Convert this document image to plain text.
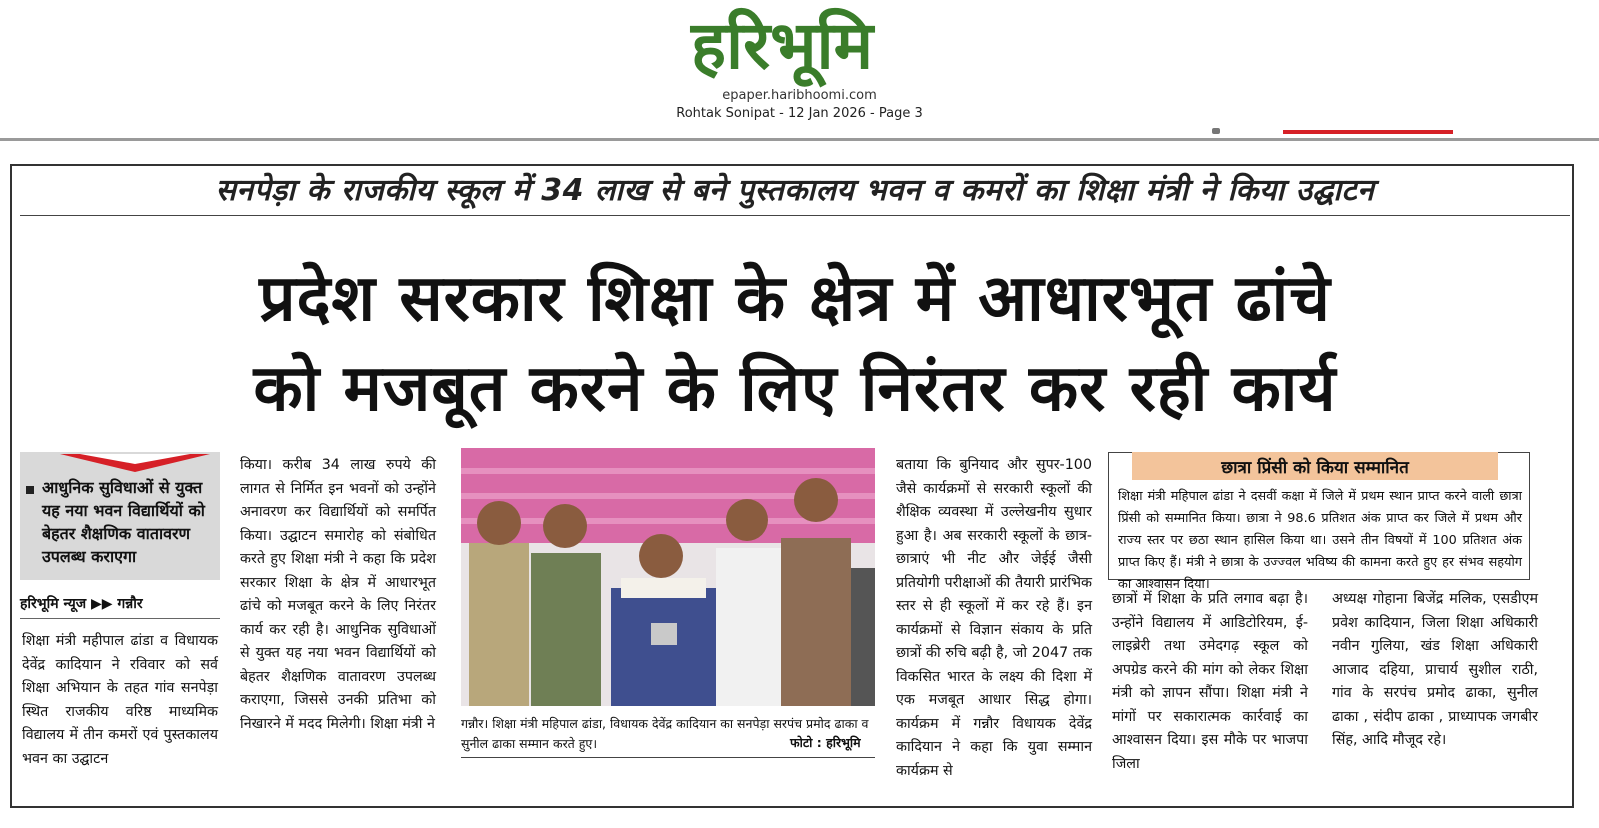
हरिभूमि
epaper.haribhoomi.com
Rohtak Sonipat - 12 Jan 2026 - Page 3
सनपेड़ा के राजकीय स्कूल में 34 लाख से बने पुस्तकालय भवन व कमरों का शिक्षा मंत्री ने किया उद्घाटन
प्रदेश सरकार शिक्षा के क्षेत्र में आधारभूत ढांचे
को मजबूत करने के लिए निरंतर कर रही कार्य
आधुनिक सुविधाओं से युक्त यह नया भवन विद्यार्थियों को बेहतर शैक्षणिक वातावरण उपलब्ध कराएगा
हरिभूमि न्यूज ▶▶ गन्नौर
शिक्षा मंत्री महीपाल ढांडा व विधायक देवेंद्र कादियान ने रविवार को सर्व शिक्षा अभियान के तहत गांव सनपेड़ा स्थित राजकीय वरिष्ठ माध्यमिक विद्यालय में तीन कमरों एवं पुस्तकालय भवन का उद्घाटन
किया। करीब 34 लाख रुपये की लागत से निर्मित इन भवनों को उन्होंने अनावरण कर विद्यार्थियों को समर्पित किया। उद्घाटन समारोह को संबोधित करते हुए शिक्षा मंत्री ने कहा कि प्रदेश सरकार शिक्षा के क्षेत्र में आधारभूत ढांचे को मजबूत करने के लिए निरंतर कार्य कर रही है। आधुनिक सुविधाओं से युक्त यह नया भवन विद्यार्थियों को बेहतर शैक्षणिक वातावरण उपलब्ध कराएगा, जिससे उनकी प्रतिभा को निखारने में मदद मिलेगी। शिक्षा मंत्री ने
बताया कि बुनियाद और सुपर-100 जैसे कार्यक्रमों से सरकारी स्कूलों की शैक्षिक व्यवस्था में उल्लेखनीय सुधार हुआ है। अब सरकारी स्कूलों के छात्र-छात्राएं भी नीट और जेईई जैसी प्रतियोगी परीक्षाओं की तैयारी प्रारंभिक स्तर से ही स्कूलों में कर रहे हैं। इन कार्यक्रमों से विज्ञान संकाय के प्रति छात्रों की रुचि बढ़ी है, जो 2047 तक विकसित भारत के लक्ष्य की दिशा में एक मजबूत आधार सिद्ध होगा। कार्यक्रम में गन्नौर विधायक देवेंद्र कादियान ने कहा कि युवा सम्मान कार्यक्रम से
छात्रों में शिक्षा के प्रति लगाव बढ़ा है। उन्होंने विद्यालय में आडिटोरियम, ई-लाइब्रेरी तथा उमेदगढ़ स्कूल को अपग्रेड करने की मांग को लेकर शिक्षा मंत्री को ज्ञापन सौंपा। शिक्षा मंत्री ने मांगों पर सकारात्मक कार्रवाई का आश्वासन दिया। इस मौके पर भाजपा जिला
अध्यक्ष गोहाना बिजेंद्र मलिक, एसडीएम प्रवेश कादियान, जिला शिक्षा अधिकारी नवीन गुलिया, खंड शिक्षा अधिकारी आजाद दहिया, प्राचार्य सुशील राठी, गांव के सरपंच प्रमोद ढाका, सुनील ढाका , संदीप ढाका , प्राध्यापक जगबीर सिंह, आदि मौजूद रहे।
गन्नौर। शिक्षा मंत्री महिपाल ढांडा, विधायक देवेंद्र कादियान का सनपेड़ा सरपंच प्रमोद ढाका व सुनील ढाका सम्मान करते हुए।	फोटो : हरिभूमि
छात्रा प्रिंसी को किया सम्मानित
शिक्षा मंत्री महिपाल ढांडा ने दसवीं कक्षा में जिले में प्रथम स्थान प्राप्त करने वाली छात्रा प्रिंसी को सम्मानित किया। छात्रा ने 98.6 प्रतिशत अंक प्राप्त कर जिले में प्रथम और राज्य स्तर पर छठा स्थान हासिल किया था। उसने तीन विषयों में 100 प्रतिशत अंक प्राप्त किए हैं। मंत्री ने छात्रा के उज्ज्वल भविष्य की कामना करते हुए हर संभव सहयोग का आश्वासन दिया।
